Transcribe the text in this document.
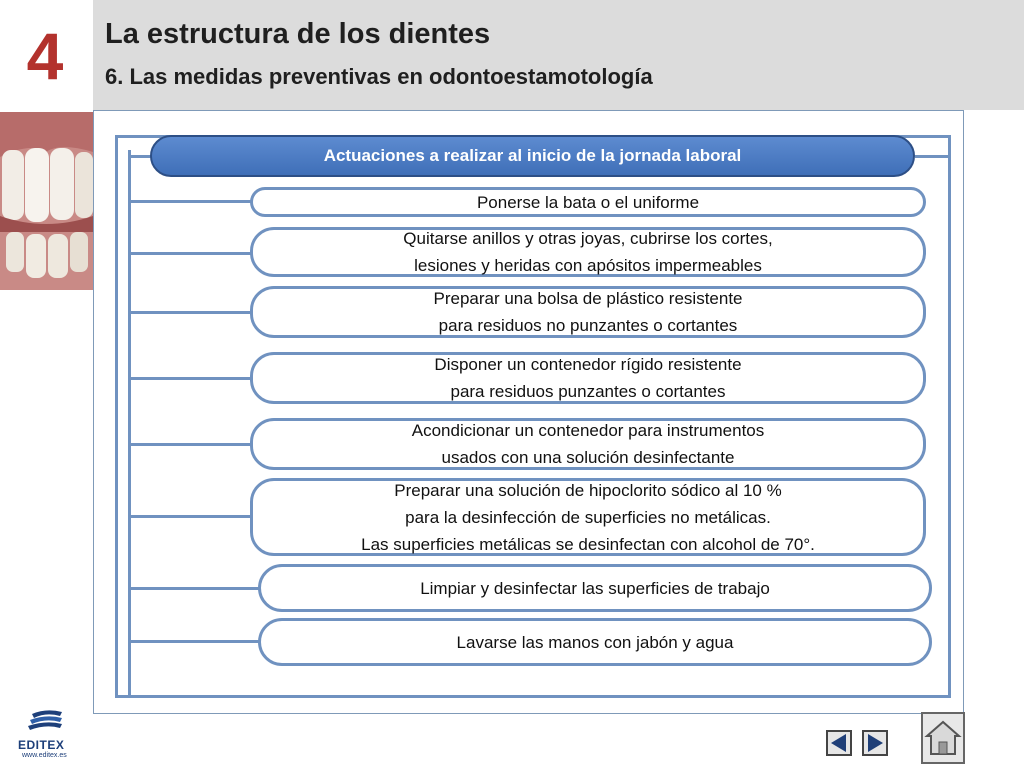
4	La estructura de los dientes
6. Las medidas preventivas en odontoestamotología
Actuaciones a realizar al inicio de la jornada laboral
Ponerse la bata o el uniforme
Quitarse anillos y otras joyas, cubrirse los cortes,
lesiones y heridas con apósitos impermeables
Preparar una bolsa de plástico resistente
para residuos no punzantes o cortantes
Disponer un contenedor rígido resistente
para residuos punzantes o cortantes
Acondicionar un contenedor para instrumentos
usados con una solución desinfectante
Preparar una solución de hipoclorito sódico al 10 %
para la desinfección de superficies no metálicas.
Las superficies metálicas se desinfectan con alcohol de 70°.
Limpiar y desinfectar las superficies de trabajo
Lavarse las manos con jabón y agua
EDITEX
www.editex.es
